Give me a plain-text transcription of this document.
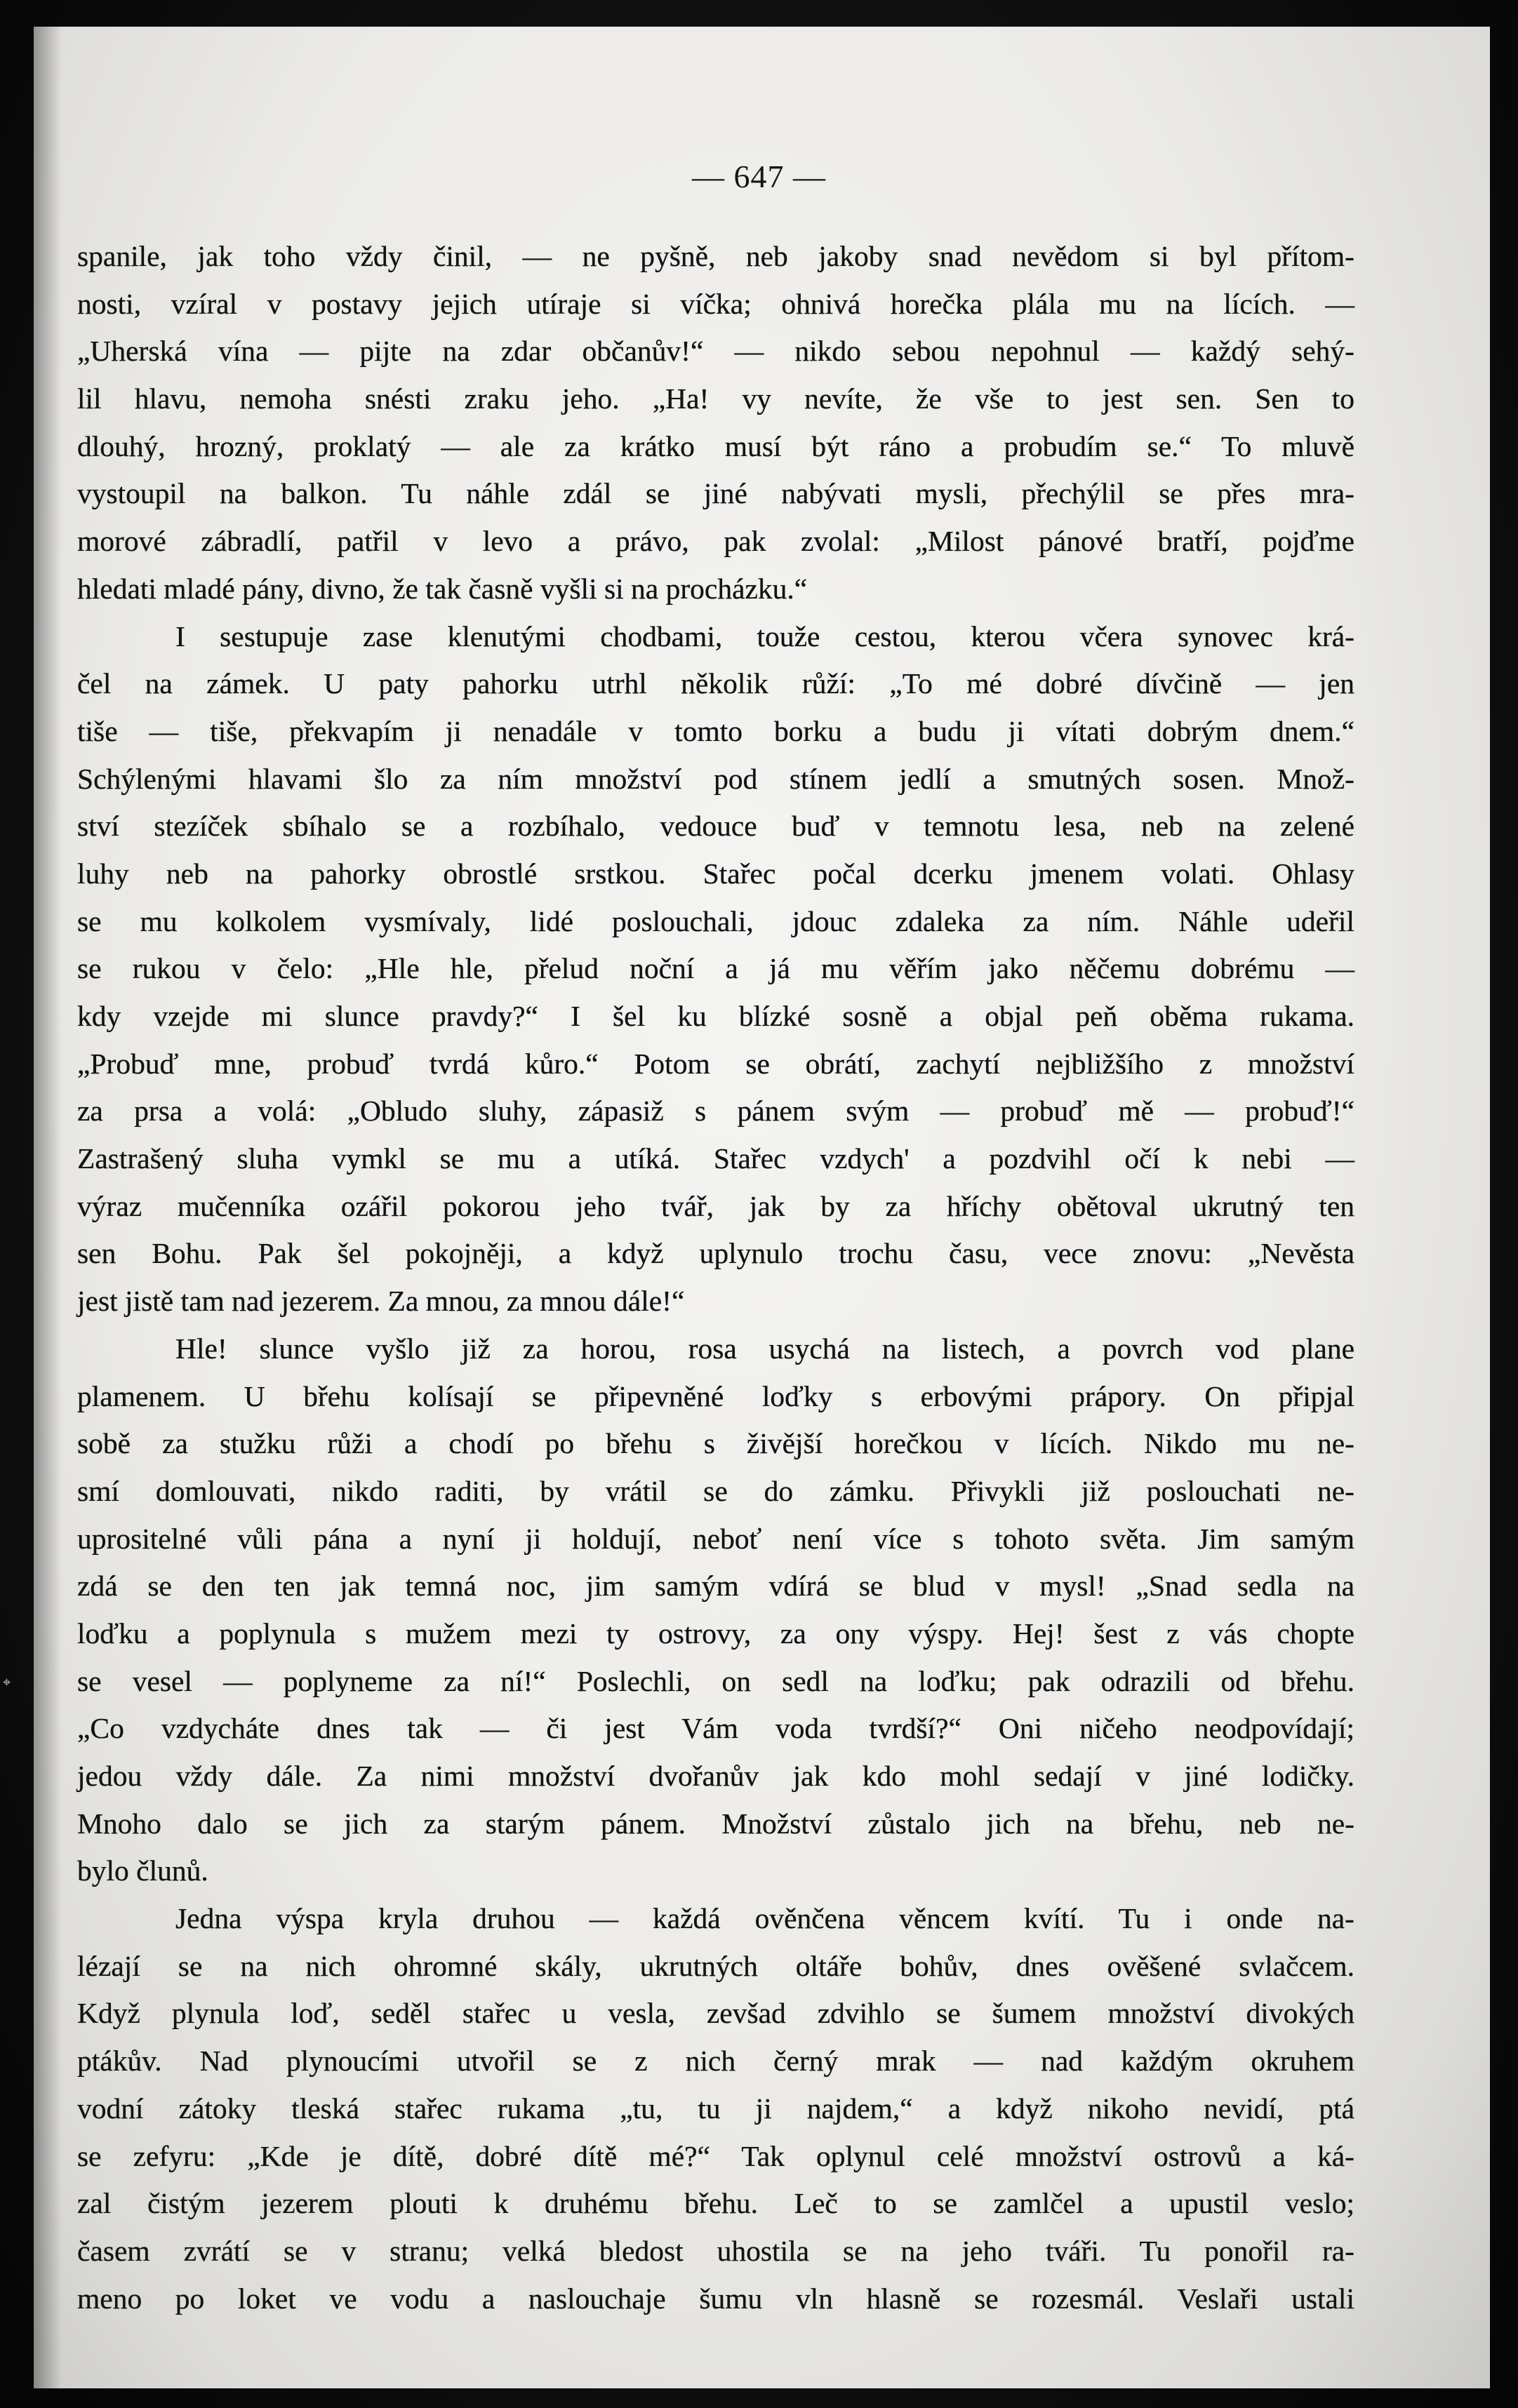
— 647 —
spanile, jak toho vždy činil, — ne pyšně, neb jakoby snad nevědom si byl přítom-
nosti, vzíral v postavy jejich utíraje si víčka; ohnivá horečka plála mu na lících. —
„Uherská vína — pijte na zdar občanův!“ — nikdo sebou nepohnul — každý sehý-
lil hlavu, nemoha snésti zraku jeho. „Ha! vy nevíte, že vše to jest sen. Sen to
dlouhý, hrozný, proklatý — ale za krátko musí být ráno a probudím se.“ To mluvě
vystoupil na balkon. Tu náhle zdál se jiné nabývati mysli, přechýlil se přes mra-
morové zábradlí, patřil v levo a právo, pak zvolal: „Milost pánové bratří, pojďme
hledati mladé pány, divno, že tak časně vyšli si na procházku.“
I sestupuje zase klenutými chodbami, touže cestou, kterou včera synovec krá-
čel na zámek. U paty pahorku utrhl několik růží: „To mé dobré dívčině — jen
tiše — tiše, překvapím ji nenadále v tomto borku a budu ji vítati dobrým dnem.“
Schýlenými hlavami šlo za ním množství pod stínem jedlí a smutných sosen. Množ-
ství stezíček sbíhalo se a rozbíhalo, vedouce buď v temnotu lesa, neb na zelené
luhy neb na pahorky obrostlé srstkou. Stařec počal dcerku jmenem volati. Ohlasy
se mu kolkolem vysmívaly, lidé poslouchali, jdouc zdaleka za ním. Náhle udeřil
se rukou v čelo: „Hle hle, přelud noční a já mu věřím jako něčemu dobrému —
kdy vzejde mi slunce pravdy?“ I šel ku blízké sosně a objal peň oběma rukama.
„Probuď mne, probuď tvrdá kůro.“ Potom se obrátí, zachytí nejbližšího z množství
za prsa a volá: „Obludo sluhy, zápasiž s pánem svým — probuď mě — probuď!“
Zastrašený sluha vymkl se mu a utíká. Stařec vzdych' a pozdvihl očí k nebi —
výraz mučenníka ozářil pokorou jeho tvář, jak by za hříchy obětoval ukrutný ten
sen Bohu. Pak šel pokojněji, a když uplynulo trochu času, vece znovu: „Nevěsta
jest jistě tam nad jezerem. Za mnou, za mnou dále!“
Hle! slunce vyšlo již za horou, rosa usychá na listech, a povrch vod plane
plamenem. U břehu kolísají se připevněné loďky s erbovými prápory. On připjal
sobě za stužku růži a chodí po břehu s živější horečkou v lících. Nikdo mu ne-
smí domlouvati, nikdo raditi, by vrátil se do zámku. Přivykli již poslouchati ne-
uprositelné vůli pána a nyní ji holdují, neboť není více s tohoto světa. Jim samým
zdá se den ten jak temná noc, jim samým vdírá se blud v mysl! „Snad sedla na
loďku a poplynula s mužem mezi ty ostrovy, za ony výspy. Hej! šest z vás chopte
se vesel — poplyneme za ní!“ Poslechli, on sedl na loďku; pak odrazili od břehu.
„Co vzdycháte dnes tak — či jest Vám voda tvrdší?“ Oni ničeho neodpovídají;
jedou vždy dále. Za nimi množství dvořanův jak kdo mohl sedají v jiné lodičky.
Mnoho dalo se jich za starým pánem. Množství zůstalo jich na břehu, neb ne-
bylo člunů.
Jedna výspa kryla druhou — každá ověnčena věncem kvítí. Tu i onde na-
lézají se na nich ohromné skály, ukrutných oltáře bohův, dnes ověšené svlačcem.
Když plynula loď, seděl stařec u vesla, zevšad zdvihlo se šumem množství divokých
ptákův. Nad plynoucími utvořil se z nich černý mrak — nad každým okruhem
vodní zátoky tleská stařec rukama „tu, tu ji najdem,“ a když nikoho nevidí, ptá
se zefyru: „Kde je dítě, dobré dítě mé?“ Tak oplynul celé množství ostrovů a ká-
zal čistým jezerem plouti k druhému břehu. Leč to se zamlčel a upustil veslo;
časem zvrátí se v stranu; velká bledost uhostila se na jeho tváři. Tu ponořil ra-
meno po loket ve vodu a naslouchaje šumu vln hlasně se rozesmál. Veslaři ustali
⌖
